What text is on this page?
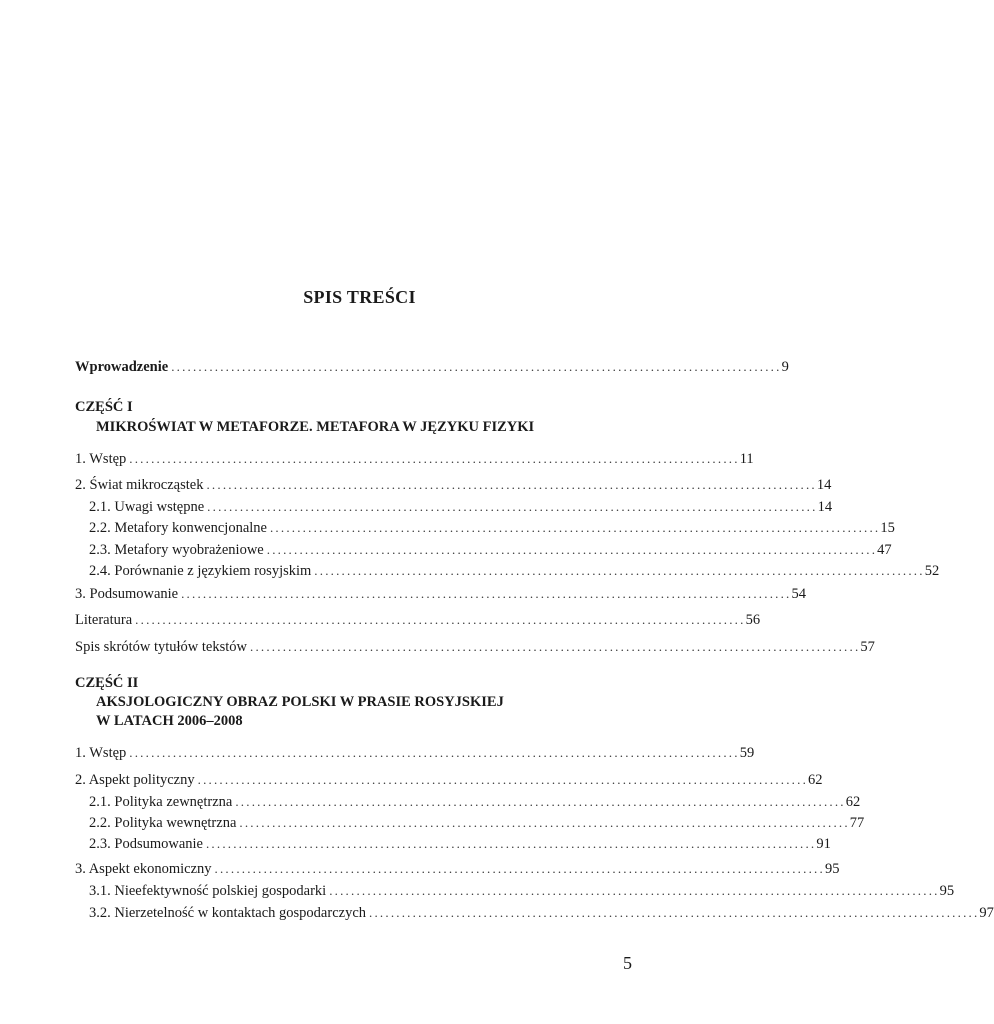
SPIS TREŚCI
Wprowadzenie ................................................................................................................ 9
CZĘŚĆ I
MIKROŚWIAT W METAFORZE. METAFORA W JĘZYKU FIZYKI
1. Wstęp ................................................................................................................ 11
2. Świat mikrocząstek ................................................................................................................ 14
2.1. Uwagi wstępne ................................................................................................................ 14
2.2. Metafory konwencjonalne ................................................................................................................ 15
2.3. Metafory wyobrażeniowe ................................................................................................................ 47
2.4. Porównanie z językiem rosyjskim ................................................................................................................ 52
3. Podsumowanie ................................................................................................................ 54
Literatura ................................................................................................................ 56
Spis skrótów tytułów tekstów ................................................................................................................ 57
CZĘŚĆ II
AKSJOLOGICZNY OBRAZ POLSKI W PRASIE ROSYJSKIEJ
W LATACH 2006–2008
1. Wstęp ................................................................................................................ 59
2. Aspekt polityczny ................................................................................................................ 62
2.1. Polityka zewnętrzna ................................................................................................................ 62
2.2. Polityka wewnętrzna ................................................................................................................ 77
2.3. Podsumowanie ................................................................................................................ 91
3. Aspekt ekonomiczny ................................................................................................................ 95
3.1. Nieefektywność polskiej gospodarki ................................................................................................................ 95
3.2. Nierzetelność w kontaktach gospodarczych ................................................................................................................ 97
5
